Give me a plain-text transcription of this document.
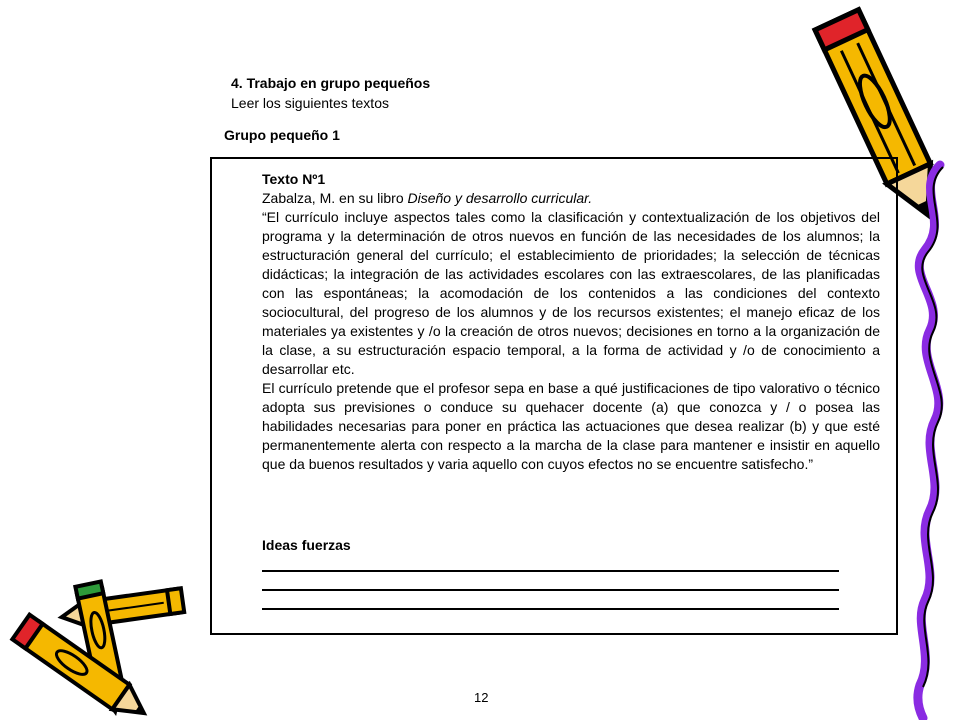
4. Trabajo en grupo pequeños
Leer los siguientes textos
Grupo pequeño 1

Texto Nº1

Zabalza, M. en su libro Diseño y desarrollo curricular.

“El currículo incluye aspectos tales como la clasificación y contextualización de los objetivos del programa y la determinación de otros nuevos en función de las necesidades de los alumnos; la estructuración general del currículo; el establecimiento de prioridades; la selección de técnicas didácticas; la integración de las actividades escolares con las extraescolares, de las planificadas con las espontáneas; la acomodación de los contenidos a las condiciones del contexto sociocultural, del progreso de los alumnos y de los recursos existentes; el manejo eficaz de los materiales ya existentes y /o la creación de otros nuevos; decisiones en torno a la organización de la clase, a su estructuración espacio temporal, a la forma de actividad y /o de conocimiento a desarrollar etc.

El currículo pretende que el profesor sepa en base a qué justificaciones de tipo valorativo o técnico adopta sus previsiones o conduce su quehacer docente (a) que conozca y / o posea las habilidades necesarias para poner en práctica las actuaciones que desea realizar (b) y que esté permanentemente alerta con respecto a la marcha de la clase para mantener e insistir en aquello que da buenos resultados y varia aquello con cuyos efectos no se encuentre satisfecho.”

Ideas fuerzas
12
